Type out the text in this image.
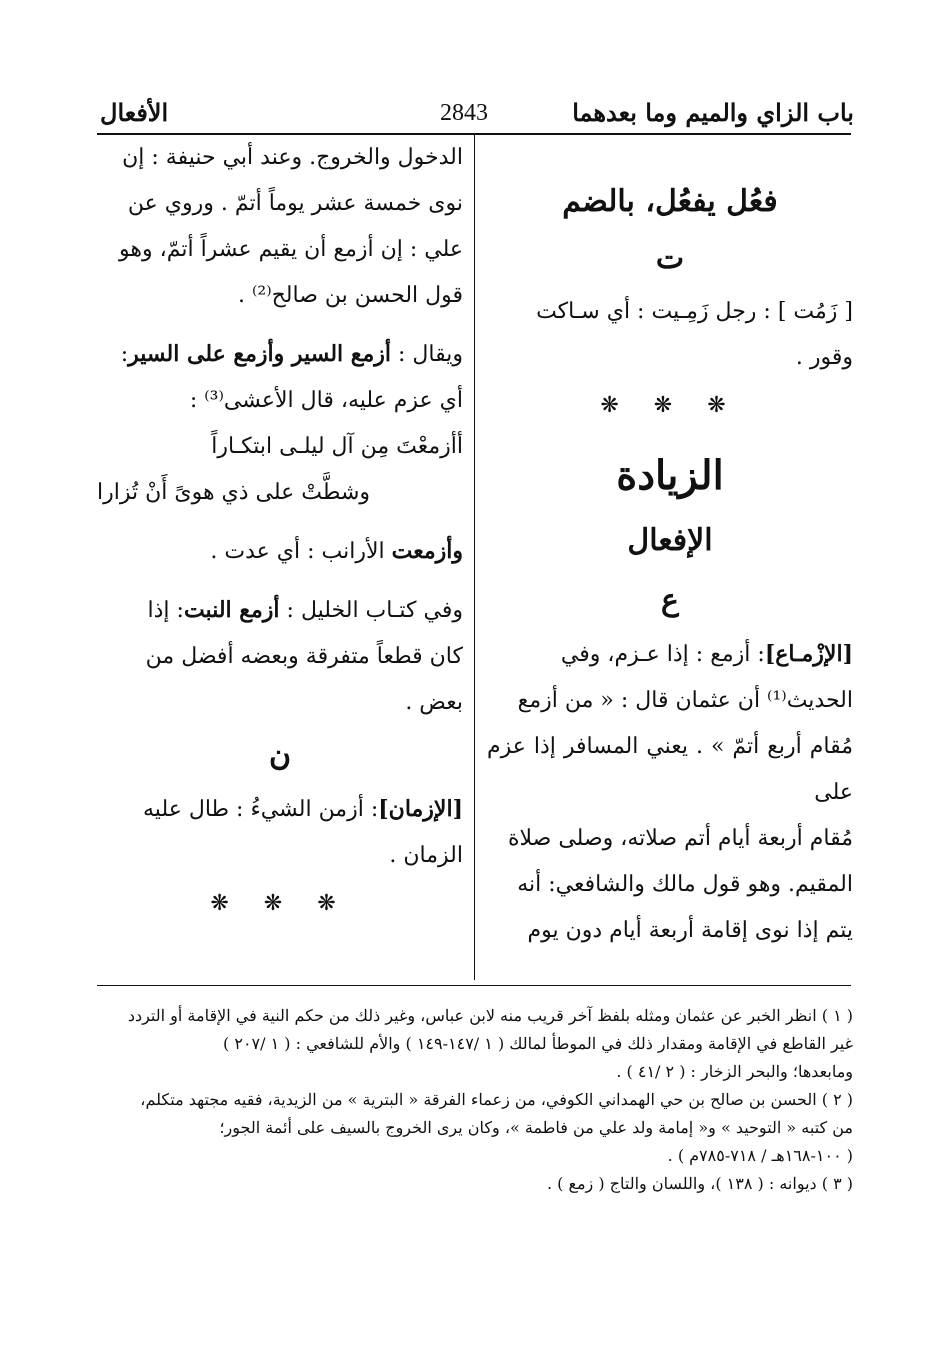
باب الزاي والميم وما بعدهما
2843
الأفعال

فعُل يفعُل، بالضم

ت

[ زَمُت ] : رجل زَمِـيت : أي سـاكت

وقور .

❋ ❋ ❋

الزيادة

الإفعال

ع

[الإزْمـاع]: أزمع : إذا عـزم، وفي

الحديث⁽¹⁾ أن عثمان قال : « من أزمع

مُقام أربع أتمّ » . يعني المسافر إذا عزم على

مُقام أربعة أيام أتم صلاته، وصلى صلاة

المقيم. وهو قول مالك والشافعي: أنه

يتم إذا نوى إقامة أربعة أيام دون يوم

الدخول والخروج. وعند أبي حنيفة : إن

نوى خمسة عشر يوماً أتمّ . وروي عن

علي : إن أزمع أن يقيم عشراً أتمّ، وهو

قول الحسن بن صالح⁽²⁾ .

ويقال : أزمع السير وأزمع على السير:

أي عزم عليه، قال الأعشى⁽³⁾ :

أأزمعْتَ مِن آل ليلـى ابتكـاراً

وشطَّتْ على ذي هوىً أَنْ تُزارا

وأزمعت الأرانب : أي عدت .

وفي كتـاب الخليل : أزمع النبت: إذا

كان قطعاً متفرقة وبعضه أفضل من

بعض .

ن

[الإزمان]: أزمن الشيءُ : طال عليه

الزمان .

❋ ❋ ❋

( ١ ) انظر الخبر عن عثمان ومثله بلفظ آخر قريب منه لابن عباس، وغير ذلك من حكم النية في الإقامة أو التردد

غير القاطع في الإقامة ومقدار ذلك في الموطأ لمالك ( ١ /١٤٧-١٤٩ ) والأم للشافعي : ( ١ /٢٠٧ )

ومابعدها؛ والبحر الزخار : ( ٢ /٤١ ) .

( ٢ ) الحسن بن صالح بن حي الهمداني الكوفي، من زعماء الفرقة « البترية » من الزيدية، فقيه مجتهد متكلم،

من كتبه « التوحيد » و« إمامة ولد علي من فاطمة »، وكان يرى الخروج بالسيف على أئمة الجور؛

( ١٠٠-١٦٨هـ / ٧١٨-٧٨٥م ) .

( ٣ ) ديوانه : ( ١٣٨ )، واللسان والتاج ( زمع ) .
